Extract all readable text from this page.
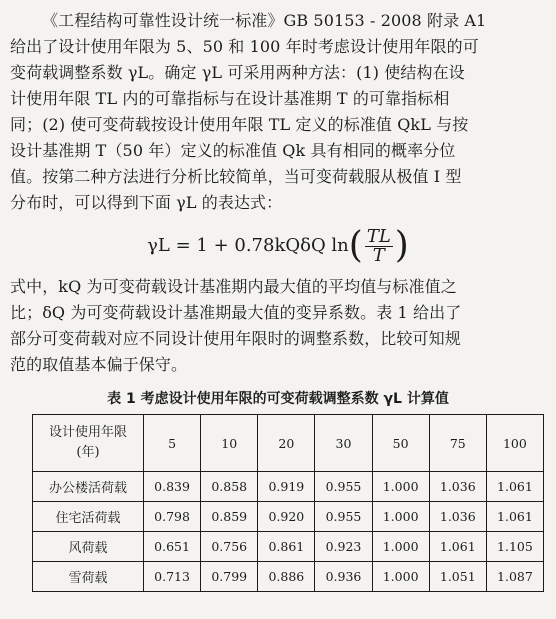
《工程结构可靠性设计统一标准》GB 50153 - 2008 附录 A1

给出了设计使用年限为 5、50 和 100 年时考虑设计使用年限的可

变荷载调整系数 γL。确定 γL 可采用两种方法：(1) 使结构在设

计使用年限 TL 内的可靠指标与在设计基准期 T 的可靠指标相

同；(2) 使可变荷载按设计使用年限 TL 定义的标准值 QkL 与按

设计基准期 T（50 年）定义的标准值 Qk 具有相同的概率分位

值。按第二种方法进行分析比较简单，当可变荷载服从极值 I 型

分布时，可以得到下面 γL 的表达式：

γL = 1 + 0.78kQδQ $\ln( \frac{TL}{T}$ )

式中，kQ 为可变荷载设计基准期内最大值的平均值与标准值之

比；δQ 为可变荷载设计基准期最大值的变异系数。表 1 给出了

部分可变荷载对应不同设计使用年限时的调整系数，比较可知规

范的取值基本偏于保守。

表 1 考虑设计使用年限的可变荷载调整系数 γL 计算值
设计使用年限
(年)	5	10	20	30	50	75	100
办公楼活荷载	0.839	0.858	0.919	0.955	1.000	1.036	1.061
住宅活荷载	0.798	0.859	0.920	0.955	1.000	1.036	1.061
风荷载	0.651	0.756	0.861	0.923	1.000	1.061	1.105
雪荷载	0.713	0.799	0.886	0.936	1.000	1.051	1.087
